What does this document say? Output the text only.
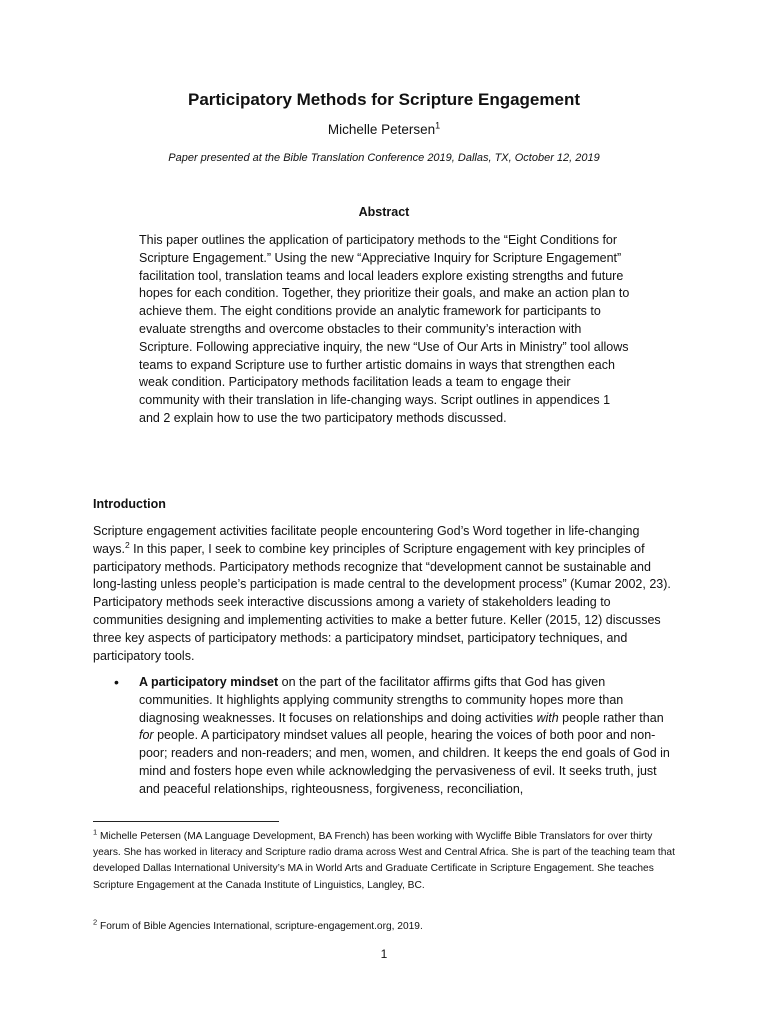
Participatory Methods for Scripture Engagement
Michelle Petersen$^1$
Paper presented at the Bible Translation Conference 2019, Dallas, TX, October 12, 2019
Abstract

This paper outlines the application of participatory methods to the “Eight Conditions for Scripture Engagement.” Using the new “Appreciative Inquiry for Scripture Engagement” facilitation tool, translation teams and local leaders explore existing strengths and future hopes for each condition. Together, they prioritize their goals, and make an action plan to achieve them. The eight conditions provide an analytic framework for participants to evaluate strengths and overcome obstacles to their community’s interaction with Scripture. Following appreciative inquiry, the new “Use of Our Arts in Ministry” tool allows teams to expand Scripture use to further artistic domains in ways that strengthen each weak condition. Participatory methods facilitation leads a team to engage their community with their translation in life-changing ways. Script outlines in appendices 1 and 2 explain how to use the two participatory methods discussed.

Introduction

Scripture engagement activities facilitate people encountering God’s Word together in life-changing ways.$^2$ In this paper, I seek to combine key principles of Scripture engagement with key principles of participatory methods. Participatory methods recognize that “development cannot be sustainable and long-lasting unless people’s participation is made central to the development process” (Kumar 2002, 23). Participatory methods seek interactive discussions among a variety of stakeholders leading to communities designing and implementing activities to make a better future. Keller (2015, 12) discusses three key aspects of participatory methods: a participatory mindset, participatory techniques, and participatory tools.

• A participatory mindset on the part of the facilitator affirms gifts that God has given communities. It highlights applying community strengths to community hopes more than diagnosing weaknesses. It focuses on relationships and doing activities with people rather than for people. A participatory mindset values all people, hearing the voices of both poor and non-poor; readers and non-readers; and men, women, and children. It keeps the end goals of God in mind and fosters hope even while acknowledging the pervasiveness of evil. It seeks truth, just and peaceful relationships, righteousness, forgiveness, reconciliation,

$^1$ Michelle Petersen (MA Language Development, BA French) has been working with Wycliffe Bible Translators for over thirty years. She has worked in literacy and Scripture radio drama across West and Central Africa. She is part of the teaching team that developed Dallas International University’s MA in World Arts and Graduate Certificate in Scripture Engagement. She teaches Scripture Engagement at the Canada Institute of Linguistics, Langley, BC.

$^2$ Forum of Bible Agencies International, scripture-engagement.org, 2019.

1
